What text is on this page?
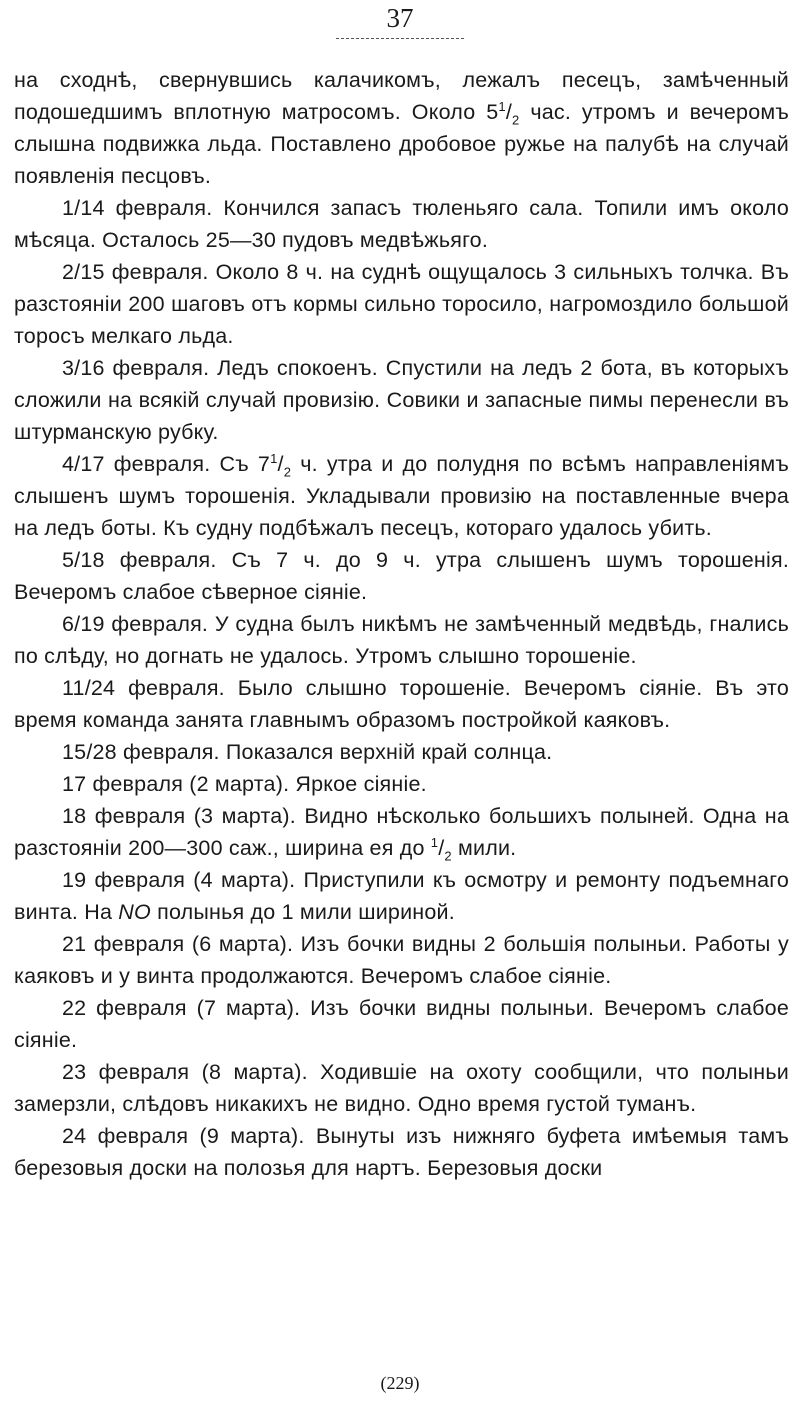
37

на сходнѣ, свернувшись калачикомъ, лежалъ песецъ, замѣченный подошедшимъ вплотную матросомъ. Около $5^1/_2$ час. утромъ и вечеромъ слышна подвижка льда. Поставлено дробовое ружье на палубѣ на случай появленія песцовъ.

1/14 февраля. Кончился запасъ тюленьяго сала. Топили имъ около мѣсяца. Осталось 25—30 пудовъ медвѣжьяго.

2/15 февраля. Около 8 ч. на суднѣ ощущалось 3 сильныхъ толчка. Въ разстояніи 200 шаговъ отъ кормы сильно торосило, нагромоздило большой торосъ мелкаго льда.

3/16 февраля. Ледъ спокоенъ. Спустили на ледъ 2 бота, въ которыхъ сложили на всякій случай провизію. Совики и запасные пимы перенесли въ штурманскую рубку.

4/17 февраля. Съ $7^1/_2$ ч. утра и до полудня по всѣмъ направленіямъ слышенъ шумъ торошенія. Укладывали провизію на поставленные вчера на ледъ боты. Къ судну подбѣжалъ песецъ, котораго удалось убить.

5/18 февраля. Съ 7 ч. до 9 ч. утра слышенъ шумъ торошенія. Вечеромъ слабое сѣверное сіяніе.

6/19 февраля. У судна былъ никѣмъ не замѣченный медвѣдь, гнались по слѣду, но догнать не удалось. Утромъ слышно торошеніе.

11/24 февраля. Было слышно торошеніе. Вечеромъ сіяніе. Въ это время команда занята главнымъ образомъ постройкой каяковъ.

15/28 февраля. Показался верхній край солнца.

17 февраля (2 марта). Яркое сіяніе.

18 февраля (3 марта). Видно нѣсколько большихъ полыней. Одна на разстояніи 200—300 саж., ширина ея до $^1/_2$ мили.

19 февраля (4 марта). Приступили къ осмотру и ремонту подъемнаго винта. На NO полынья до 1 мили шириной.

21 февраля (6 марта). Изъ бочки видны 2 большія полыньи. Работы у каяковъ и у винта продолжаются. Вечеромъ слабое сіяніе.

22 февраля (7 марта). Изъ бочки видны полыньи. Вечеромъ слабое сіяніе.

23 февраля (8 марта). Ходившіе на охоту сообщили, что полыньи замерзли, слѣдовъ никакихъ не видно. Одно время густой туманъ.

24 февраля (9 марта). Вынуты изъ нижняго буфета имѣемыя тамъ березовыя доски на полозья для нартъ. Березовыя доски

(229)
